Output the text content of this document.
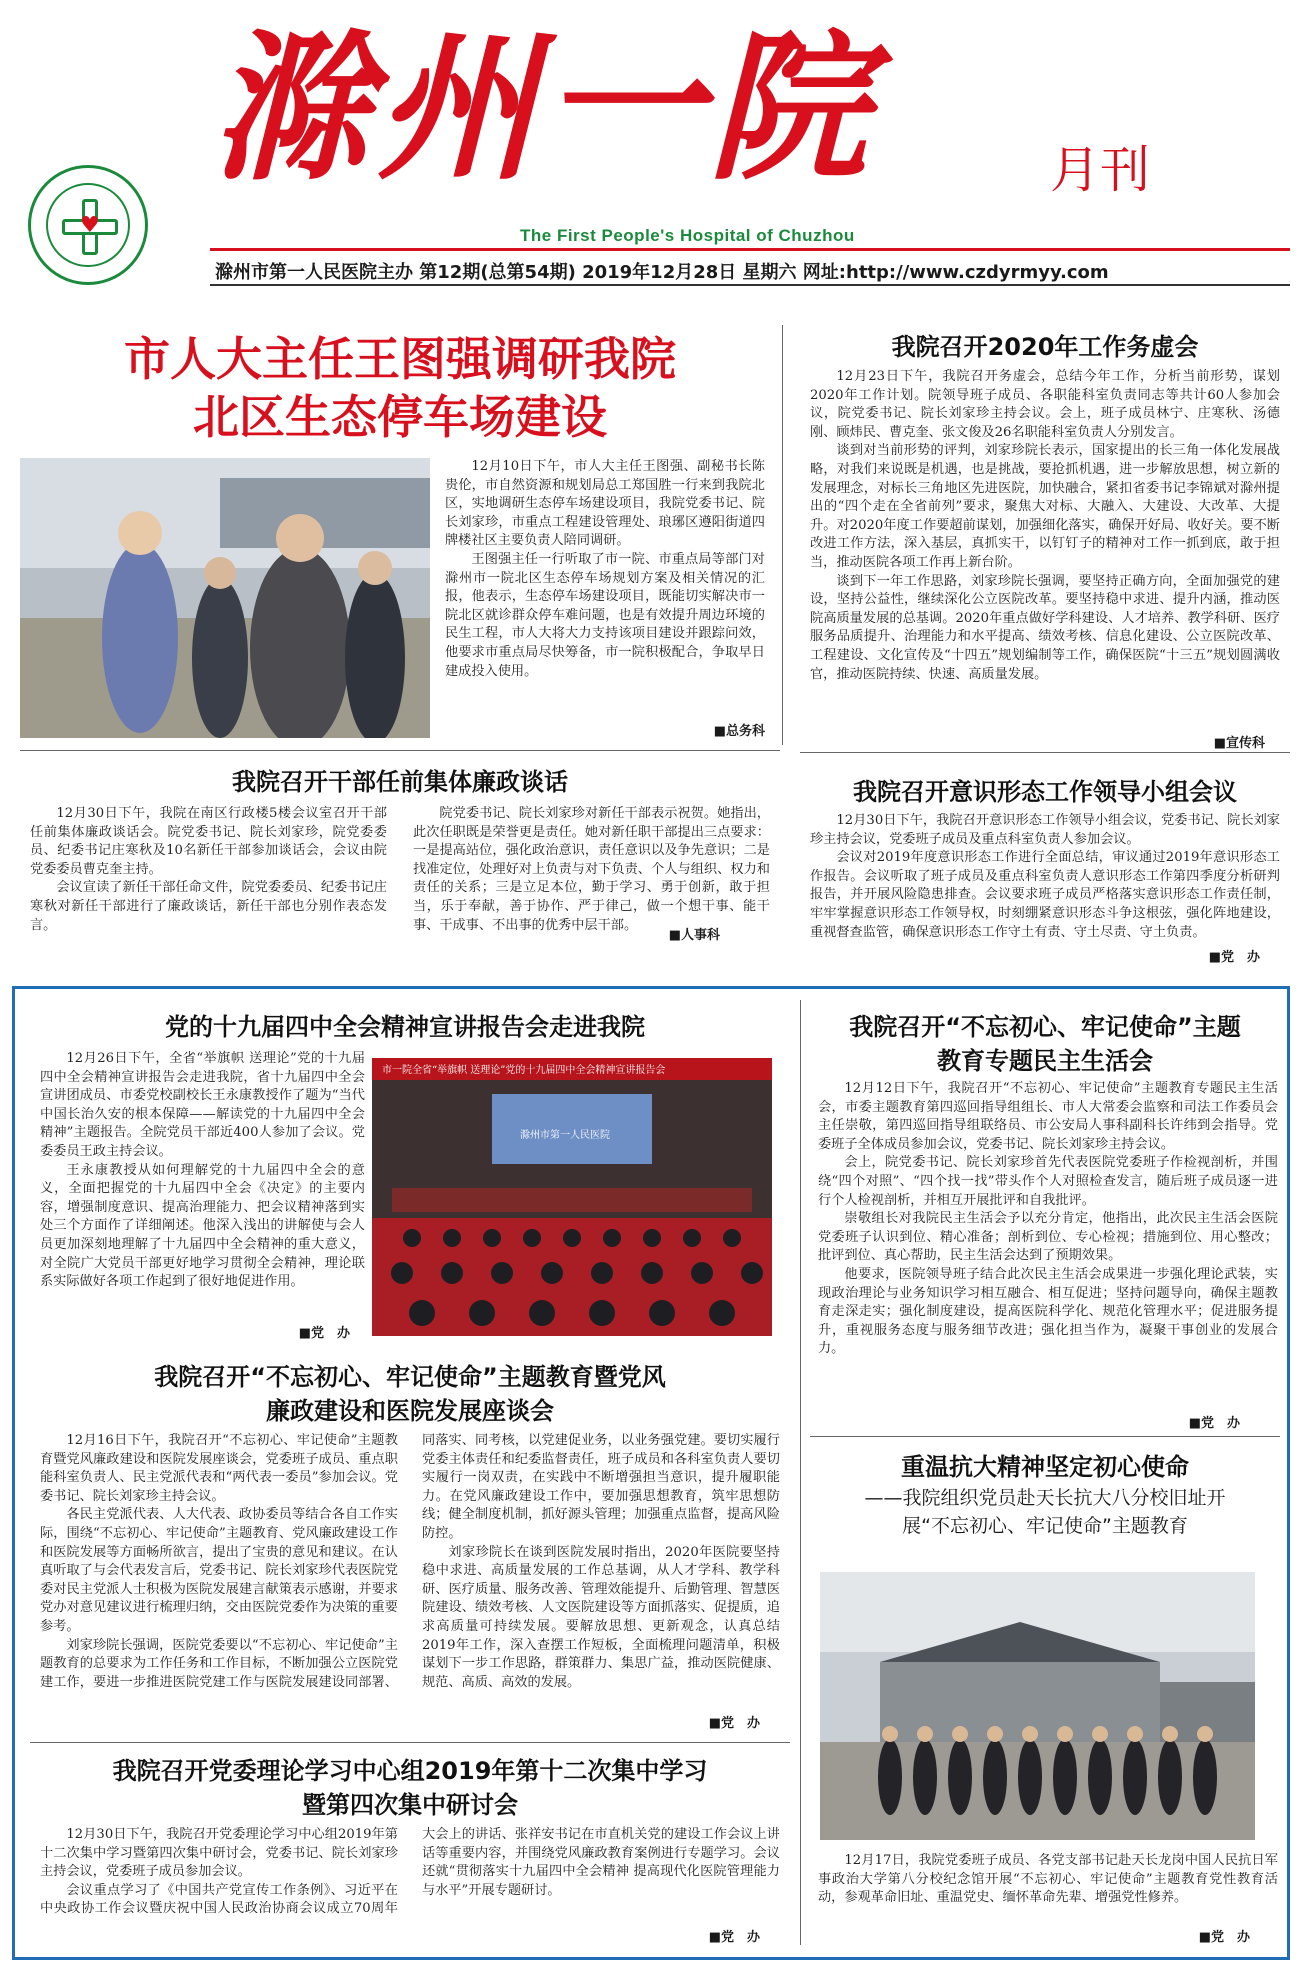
♥
滁州一院	月刊
The First People's Hospital of Chuzhou
滁州市第一人民医院主办 第12期(总第54期) 2019年12月28日 星期六 网址:http://www.czdyrmyy.com
市人大主任王图强调研我院
北区生态停车场建设

12月10日下午，市人大主任王图强、副秘书长陈贵伦，市自然资源和规划局总工郑国胜一行来到我院北区，实地调研生态停车场建设项目，我院党委书记、院长刘家珍，市重点工程建设管理处、琅琊区遵阳街道四牌楼社区主要负责人陪同调研。

王图强主任一行听取了市一院、市重点局等部门对滁州市一院北区生态停车场规划方案及相关情况的汇报，他表示，生态停车场建设项目，既能切实解决市一院北区就诊群众停车难问题，也是有效提升周边环境的民生工程，市人大将大力支持该项目建设并跟踪问效，他要求市重点局尽快筹备，市一院积极配合，争取早日建成投入使用。

■总务科
我院召开2020年工作务虚会

12月23日下午，我院召开务虚会，总结今年工作，分析当前形势，谋划2020年工作计划。院领导班子成员、各职能科室负责同志等共计60人参加会议，院党委书记、院长刘家珍主持会议。会上，班子成员林宁、庄寒秋、汤德刚、顾炜民、曹克奎、张文俊及26名职能科室负责人分别发言。

谈到对当前形势的评判，刘家珍院长表示，国家提出的长三角一体化发展战略，对我们来说既是机遇，也是挑战，要抢抓机遇，进一步解放思想，树立新的发展理念，对标长三角地区先进医院，加快融合，紧扣省委书记李锦斌对滁州提出的“四个走在全省前列”要求，聚焦大对标、大融入、大建设、大改革、大提升。对2020年度工作要超前谋划，加强细化落实，确保开好局、收好关。要不断改进工作方法，深入基层，真抓实干，以钉钉子的精神对工作一抓到底，敢于担当，推动医院各项工作再上新台阶。

谈到下一年工作思路，刘家珍院长强调，要坚持正确方向，全面加强党的建设，坚持公益性，继续深化公立医院改革。要坚持稳中求进、提升内涵，推动医院高质量发展的总基调。2020年重点做好学科建设、人才培养、教学科研、医疗服务品质提升、治理能力和水平提高、绩效考核、信息化建设、公立医院改革、工程建设、文化宣传及“十四五”规划编制等工作，确保医院“十三五”规划圆满收官，推动医院持续、快速、高质量发展。

■宣传科
我院召开干部任前集体廉政谈话

12月30日下午，我院在南区行政楼5楼会议室召开干部任前集体廉政谈话会。院党委书记、院长刘家珍，院党委委员、纪委书记庄寒秋及10名新任干部参加谈话会，会议由院党委委员曹克奎主持。

会议宣读了新任干部任命文件，院党委委员、纪委书记庄寒秋对新任干部进行了廉政谈话，新任干部也分别作表态发言。

院党委书记、院长刘家珍对新任干部表示祝贺。她指出，此次任职既是荣誉更是责任。她对新任职干部提出三点要求：一是提高站位，强化政治意识，责任意识以及争先意识；二是找准定位，处理好对上负责与对下负责、个人与组织、权力和责任的关系；三是立足本位，勤于学习、勇于创新，敢于担当，乐于奉献，善于协作、严于律己，做一个想干事、能干事、干成事、不出事的优秀中层干部。

■人事科
我院召开意识形态工作领导小组会议

12月30日下午，我院召开意识形态工作领导小组会议，党委书记、院长刘家珍主持会议，党委班子成员及重点科室负责人参加会议。

会议对2019年度意识形态工作进行全面总结，审议通过2019年意识形态工作报告。会议听取了班子成员及重点科室负责人意识形态工作第四季度分析研判报告，并开展风险隐患排查。会议要求班子成员严格落实意识形态工作责任制，牢牢掌握意识形态工作领导权，时刻绷紧意识形态斗争这根弦，强化阵地建设，重视督查监管，确保意识形态工作守土有责、守土尽责、守土负责。

■党　办
党的十九届四中全会精神宣讲报告会走进我院

12月26日下午，全省“举旗帜 送理论”党的十九届四中全会精神宣讲报告会走进我院，省十九届四中全会宣讲团成员、市委党校副校长王永康教授作了题为“当代中国长治久安的根本保障——解读党的十九届四中全会精神”主题报告。全院党员干部近400人参加了会议。党委委员王政主持会议。

王永康教授从如何理解党的十九届四中全会的意义，全面把握党的十九届四中全会《决定》的主要内容，增强制度意识、提高治理能力、把会议精神落到实处三个方面作了详细阐述。他深入浅出的讲解使与会人员更加深刻地理解了十九届四中全会精神的重大意义，对全院广大党员干部更好地学习贯彻全会精神，理论联系实际做好各项工作起到了很好地促进作用。

■党　办
市一院全省“举旗帜 送理论”党的十九届四中全会精神宣讲报告会
滁州市第一人民医院
我院召开“不忘初心、牢记使命”主题
教育专题民主生活会

12月12日下午，我院召开“不忘初心、牢记使命”主题教育专题民主生活会，市委主题教育第四巡回指导组组长、市人大常委会监察和司法工作委员会主任崇敬，第四巡回指导组联络员、市公安局人事科副科长许纬到会指导。党委班子全体成员参加会议，党委书记、院长刘家珍主持会议。

会上，院党委书记、院长刘家珍首先代表医院党委班子作检视剖析，并围绕“四个对照”、“四个找一找”带头作个人对照检查发言，随后班子成员逐一进行个人检视剖析，并相互开展批评和自我批评。

崇敬组长对我院民主生活会予以充分肯定，他指出，此次民主生活会医院党委班子认识到位、精心准备；剖析到位、专心检视；措施到位、用心整改；批评到位、真心帮助，民主生活会达到了预期效果。

他要求，医院领导班子结合此次民主生活会成果进一步强化理论武装，实现政治理论与业务知识学习相互融合、相互促进；坚持问题导向，确保主题教育走深走实；强化制度建设，提高医院科学化、规范化管理水平；促进服务提升，重视服务态度与服务细节改进；强化担当作为，凝聚干事创业的发展合力。

■党　办
重温抗大精神坚定初心使命
——我院组织党员赴天长抗大八分校旧址开
展“不忘初心、牢记使命”主题教育

12月17日，我院党委班子成员、各党支部书记赴天长龙岗中国人民抗日军事政治大学第八分校纪念馆开展“不忘初心、牢记使命”主题教育党性教育活动，参观革命旧址、重温党史、缅怀革命先辈、增强党性修养。

■党　办
我院召开“不忘初心、牢记使命”主题教育暨党风
廉政建设和医院发展座谈会

12月16日下午，我院召开“不忘初心、牢记使命”主题教育暨党风廉政建设和医院发展座谈会，党委班子成员、重点职能科室负责人、民主党派代表和“两代表一委员”参加会议。党委书记、院长刘家珍主持会议。

各民主党派代表、人大代表、政协委员等结合各自工作实际，围绕“不忘初心、牢记使命”主题教育、党风廉政建设工作和医院发展等方面畅所欲言，提出了宝贵的意见和建议。在认真听取了与会代表发言后，党委书记、院长刘家珍代表医院党委对民主党派人士积极为医院发展建言献策表示感谢，并要求党办对意见建议进行梳理归纳，交由医院党委作为决策的重要参考。

刘家珍院长强调，医院党委要以“不忘初心、牢记使命”主题教育的总要求为工作任务和工作目标，不断加强公立医院党建工作，要进一步推进医院党建工作与医院发展建设同部署、同落实、同考核，以党建促业务，以业务强党建。要切实履行党委主体责任和纪委监督责任，班子成员和各科室负责人要切实履行一岗双责，在实践中不断增强担当意识，提升履职能力。在党风廉政建设工作中，要加强思想教育，筑牢思想防线；健全制度机制，抓好源头管理；加强重点监督，提高风险防控。

刘家珍院长在谈到医院发展时指出，2020年医院要坚持稳中求进、高质量发展的工作总基调，从人才学科、教学科研、医疗质量、服务改善、管理效能提升、后勤管理、智慧医院建设、绩效考核、人文医院建设等方面抓落实、促提质，追求高质量可持续发展。要解放思想、更新观念，认真总结2019年工作，深入查摆工作短板，全面梳理问题清单，积极谋划下一步工作思路，群策群力、集思广益，推动医院健康、规范、高质、高效的发展。

■党　办
我院召开党委理论学习中心组2019年第十二次集中学习
暨第四次集中研讨会

12月30日下午，我院召开党委理论学习中心组2019年第十二次集中学习暨第四次集中研讨会，党委书记、院长刘家珍主持会议，党委班子成员参加会议。

会议重点学习了《中国共产党宣传工作条例》、习近平在中央政协工作会议暨庆祝中国人民政治协商会议成立70周年大会上的讲话、张祥安书记在市直机关党的建设工作会议上讲话等重要内容，并围绕党风廉政教育案例进行专题学习。会议还就“贯彻落实十九届四中全会精神 提高现代化医院管理能力与水平”开展专题研讨。

■党　办
